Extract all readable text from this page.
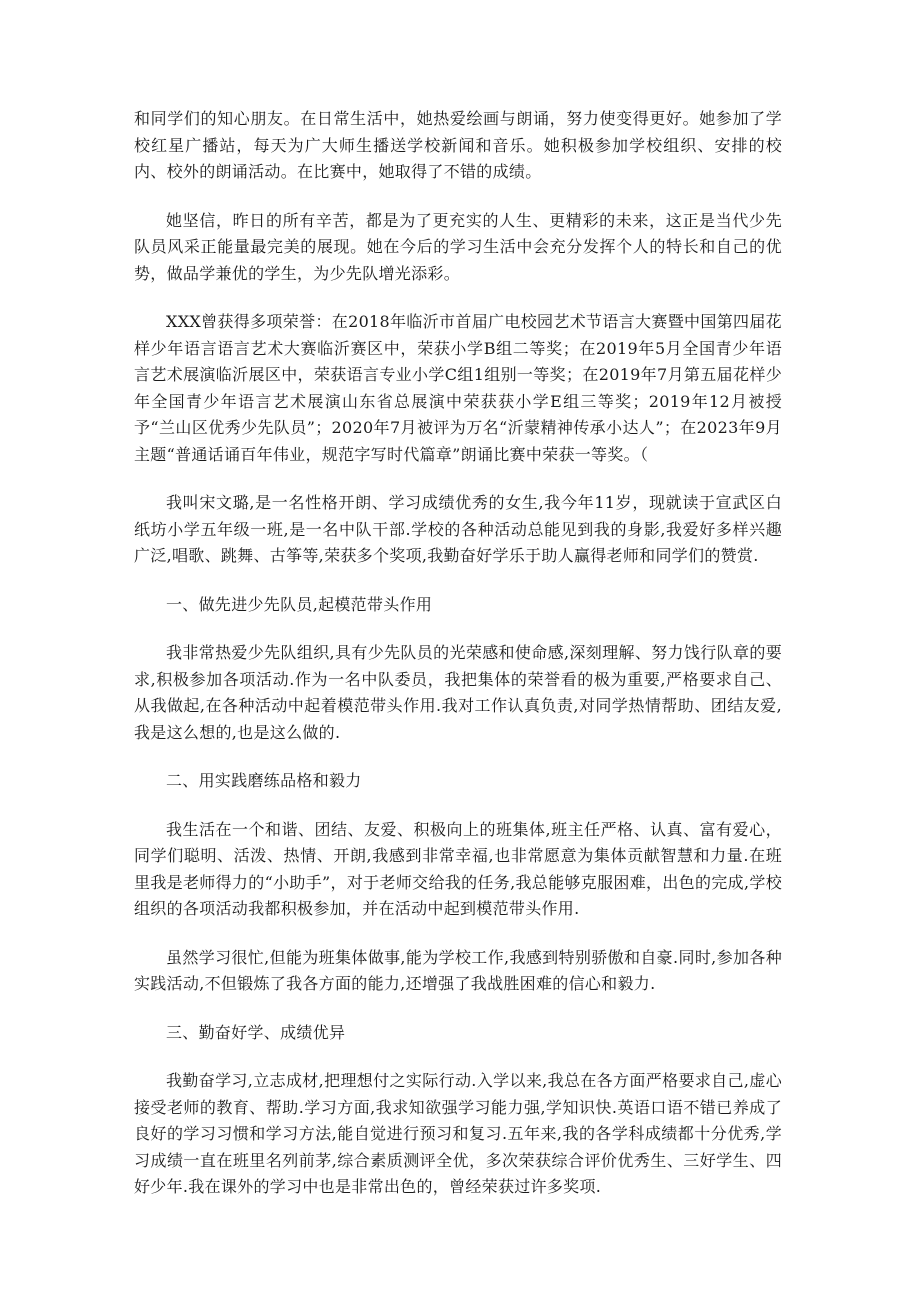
和同学们的知心朋友。在日常生活中，她热爱绘画与朗诵，努力使变得更好。她参加了学校红星广播站，每天为广大师生播送学校新闻和音乐。她积极参加学校组织、安排的校内、校外的朗诵活动。在比赛中，她取得了不错的成绩。

她坚信，昨日的所有辛苦，都是为了更充实的人生、更精彩的未来，这正是当代少先队员风采正能量最完美的展现。她在今后的学习生活中会充分发挥个人的特长和自己的优势，做品学兼优的学生，为少先队增光添彩。

XXX曾获得多项荣誉：在2018年临沂市首届广电校园艺术节语言大赛暨中国第四届花样少年语言语言艺术大赛临沂赛区中，荣获小学B组二等奖；在2019年5月全国青少年语言艺术展演临沂展区中，荣获语言专业小学C组1组别一等奖；在2019年7月第五届花样少年全国青少年语言艺术展演山东省总展演中荣获获小学E组三等奖；2019年12月被授予“兰山区优秀少先队员”；2020年7月被评为万名“沂蒙精神传承小达人”；在2023年9月主题“普通话诵百年伟业，规范字写时代篇章”朗诵比赛中荣获一等奖。（

我叫宋文璐,是一名性格开朗、学习成绩优秀的女生,我今年11岁，现就读于宣武区白纸坊小学五年级一班,是一名中队干部.学校的各种活动总能见到我的身影,我爱好多样兴趣广泛,唱歌、跳舞、古筝等,荣获多个奖项,我勤奋好学乐于助人赢得老师和同学们的赞赏.

一、做先进少先队员,起模范带头作用

我非常热爱少先队组织,具有少先队员的光荣感和使命感,深刻理解、努力饯行队章的要求,积极参加各项活动.作为一名中队委员，我把集体的荣誉看的极为重要,严格要求自己、从我做起,在各种活动中起着模范带头作用.我对工作认真负责,对同学热情帮助、团结友爱,我是这么想的,也是这么做的.

二、用实践磨练品格和毅力

我生活在一个和谐、团结、友爱、积极向上的班集体,班主任严格、认真、富有爱心，同学们聪明、活泼、热情、开朗,我感到非常幸福,也非常愿意为集体贡献智慧和力量.在班里我是老师得力的“小助手”，对于老师交给我的任务,我总能够克服困难，出色的完成,学校组织的各项活动我都积极参加，并在活动中起到模范带头作用.

虽然学习很忙,但能为班集体做事,能为学校工作,我感到特别骄傲和自豪.同时,参加各种实践活动,不但锻炼了我各方面的能力,还增强了我战胜困难的信心和毅力.

三、勤奋好学、成绩优异

我勤奋学习,立志成材,把理想付之实际行动.入学以来,我总在各方面严格要求自己,虚心接受老师的教育、帮助.学习方面,我求知欲强学习能力强,学知识快.英语口语不错已养成了良好的学习习惯和学习方法,能自觉进行预习和复习.五年来,我的各学科成绩都十分优秀,学习成绩一直在班里名列前茅,综合素质测评全优，多次荣获综合评价优秀生、三好学生、四好少年.我在课外的学习中也是非常出色的，曾经荣获过许多奖项.
